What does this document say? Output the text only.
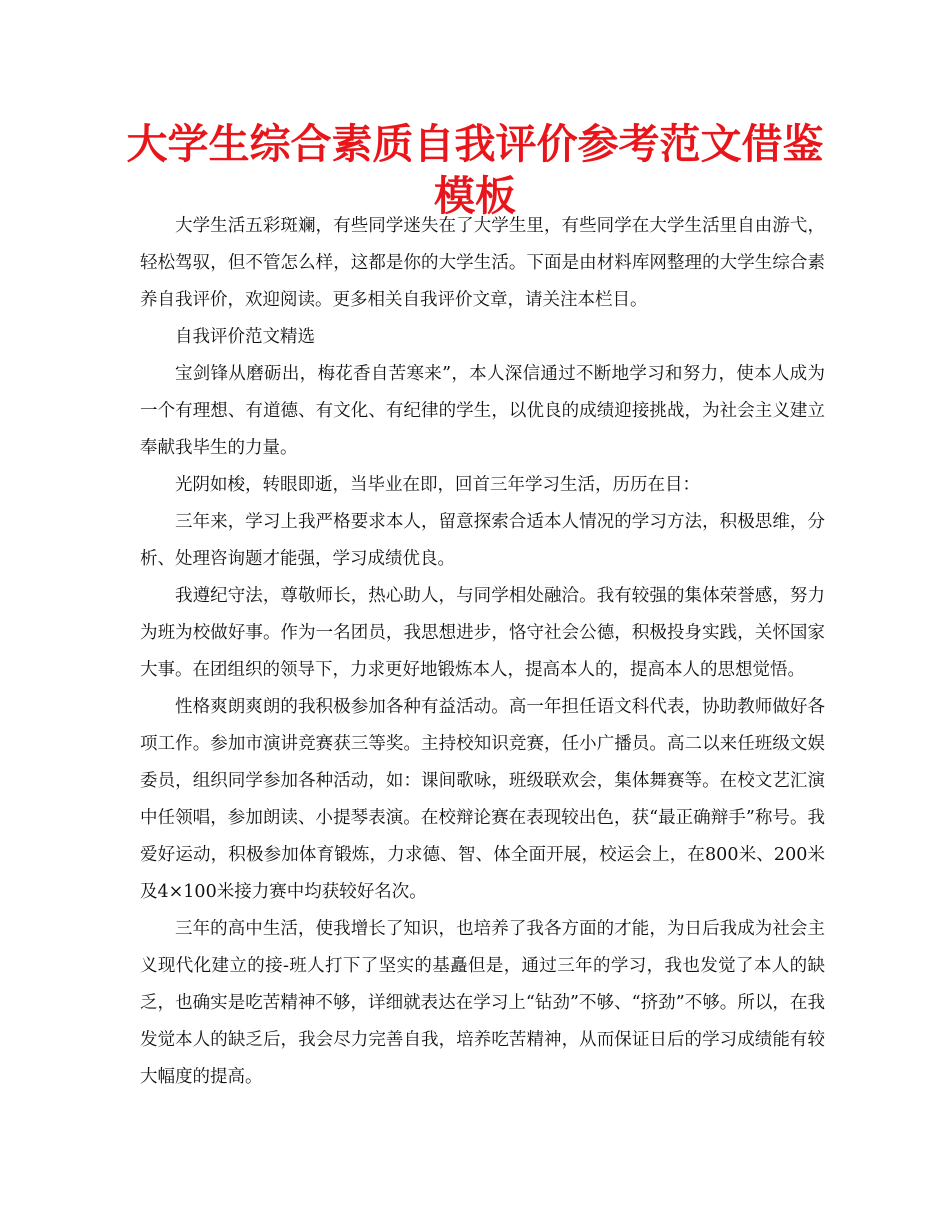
大学生综合素质自我评价参考范文借鉴模板

大学生活五彩斑斓，有些同学迷失在了大学生里，有些同学在大学生活里自由游弋，轻松驾驭，但不管怎么样，这都是你的大学生活。下面是由材料库网整理的大学生综合素养自我评价，欢迎阅读。更多相关自我评价文章，请关注本栏目。

自我评价范文精选

宝剑锋从磨砺出，梅花香自苦寒来”，本人深信通过不断地学习和努力，使本人成为一个有理想、有道德、有文化、有纪律的学生，以优良的成绩迎接挑战，为社会主义建立奉献我毕生的力量。

光阴如梭，转眼即逝，当毕业在即，回首三年学习生活，历历在目：

三年来，学习上我严格要求本人，留意探索合适本人情况的学习方法，积极思维，分析、处理咨询题才能强，学习成绩优良。

我遵纪守法，尊敬师长，热心助人，与同学相处融洽。我有较强的集体荣誉感，努力为班为校做好事。作为一名团员，我思想进步，恪守社会公德，积极投身实践，关怀国家大事。在团组织的领导下，力求更好地锻炼本人，提高本人的，提高本人的思想觉悟。

性格爽朗爽朗的我积极参加各种有益活动。高一年担任语文科代表，协助教师做好各项工作。参加市演讲竞赛获三等奖。主持校知识竞赛，任小广播员。高二以来任班级文娱委员，组织同学参加各种活动，如：课间歌咏，班级联欢会，集体舞赛等。在校文艺汇演中任领唱，参加朗读、小提琴表演。在校辩论赛在表现较出色，获“最正确辩手”称号。我爱好运动，积极参加体育锻炼，力求德、智、体全面开展，校运会上，在800米、200米及4×100米接力赛中均获较好名次。

三年的高中生活，使我增长了知识，也培养了我各方面的才能，为日后我成为社会主义现代化建立的接-班人打下了坚实的基矗但是，通过三年的学习，我也发觉了本人的缺乏，也确实是吃苦精神不够，详细就表达在学习上“钻劲”不够、“挤劲”不够。所以，在我发觉本人的缺乏后，我会尽力完善自我，培养吃苦精神，从而保证日后的学习成绩能有较大幅度的提高。
